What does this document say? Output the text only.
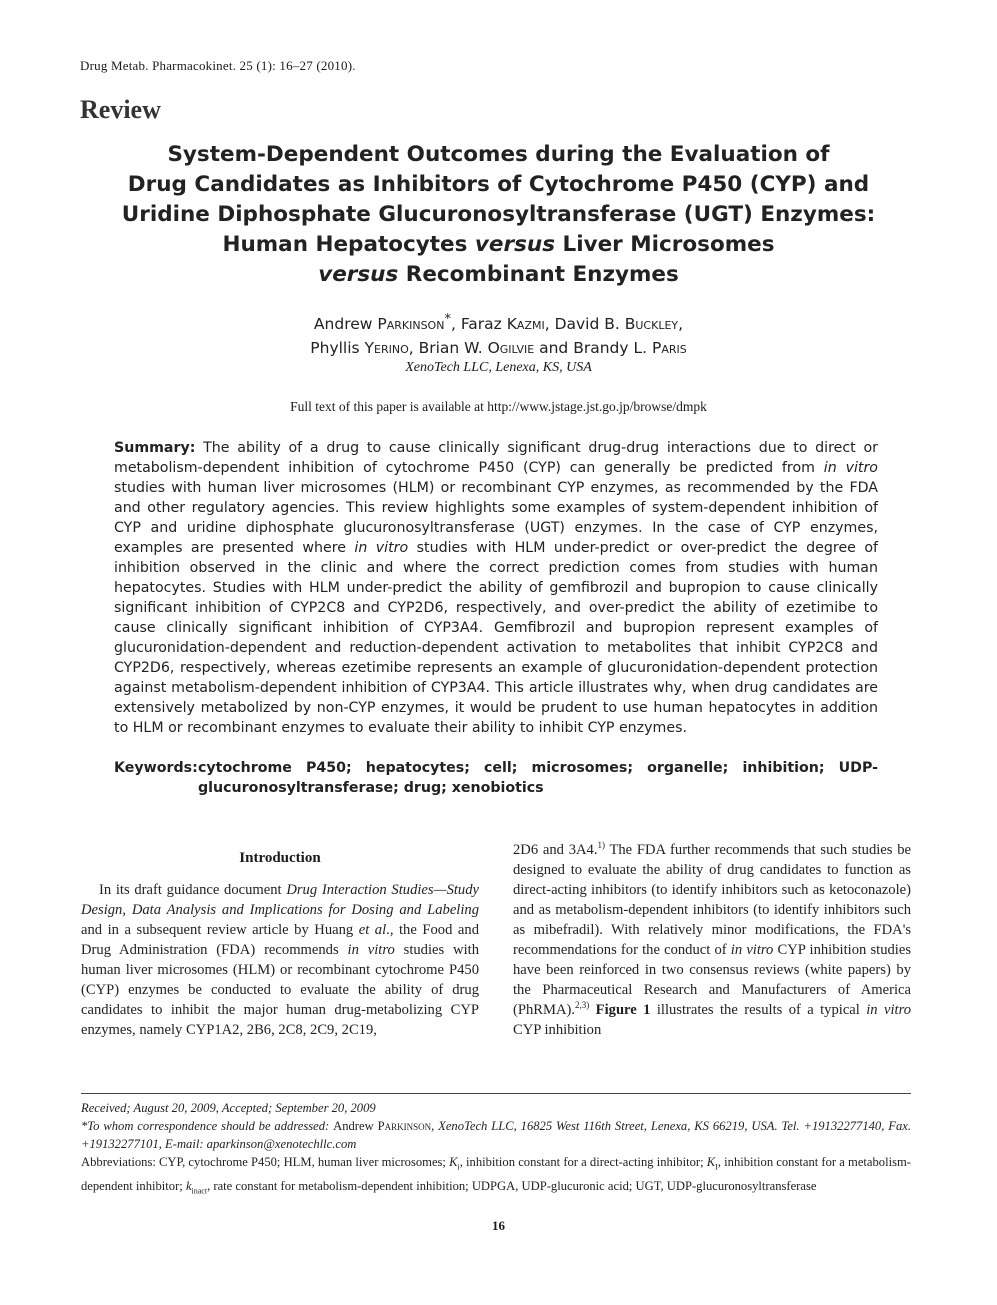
Drug Metab. Pharmacokinet. 25 (1): 16–27 (2010).
Review
System-Dependent Outcomes during the Evaluation of
Drug Candidates as Inhibitors of Cytochrome P450 (CYP) and
Uridine Diphosphate Glucuronosyltransferase (UGT) Enzymes:
Human Hepatocytes versus Liver Microsomes
versus Recombinant Enzymes
Andrew Parkinson*, Faraz Kazmi, David B. Buckley,
Phyllis Yerino, Brian W. Ogilvie and Brandy L. Paris
XenoTech LLC, Lenexa, KS, USA
Full text of this paper is available at http://www.jstage.jst.go.jp/browse/dmpk
Summary: The ability of a drug to cause clinically significant drug-drug interactions due to direct or metabolism-dependent inhibition of cytochrome P450 (CYP) can generally be predicted from in vitro studies with human liver microsomes (HLM) or recombinant CYP enzymes, as recommended by the FDA and other regulatory agencies. This review highlights some examples of system-dependent inhibition of CYP and uridine diphosphate glucuronosyltransferase (UGT) enzymes. In the case of CYP enzymes, examples are presented where in vitro studies with HLM under-predict or over-predict the degree of inhibition observed in the clinic and where the correct prediction comes from studies with human hepatocytes. Studies with HLM under-predict the ability of gemfibrozil and bupropion to cause clinically significant inhibition of CYP2C8 and CYP2D6, respectively, and over-predict the ability of ezetimibe to cause clinically significant inhibition of CYP3A4. Gemfibrozil and bupropion represent examples of glucuronidation-dependent and reduction-dependent activation to metabolites that inhibit CYP2C8 and CYP2D6, respectively, whereas ezetimibe represents an example of glucuronidation-dependent protection against metabolism-dependent inhibition of CYP3A4. This article illustrates why, when drug candidates are extensively metabolized by non-CYP enzymes, it would be prudent to use human hepatocytes in addition to HLM or recombinant enzymes to evaluate their ability to inhibit CYP enzymes.
Keywords: cytochrome P450; hepatocytes; cell; microsomes; organelle; inhibition; UDP-glucuronosyltransferase; drug; xenobiotics
Introduction
In its draft guidance document Drug Interaction Studies—Study Design, Data Analysis and Implications for Dosing and Labeling and in a subsequent review article by Huang et al., the Food and Drug Administration (FDA) recommends in vitro studies with human liver microsomes (HLM) or recombinant cytochrome P450 (CYP) enzymes be conducted to evaluate the ability of drug candidates to inhibit the major human drug-metabolizing CYP enzymes, namely CYP1A2, 2B6, 2C8, 2C9, 2C19,
2D6 and 3A4.$^{1)}$ The FDA further recommends that such studies be designed to evaluate the ability of drug candidates to function as direct-acting inhibitors (to identify inhibitors such as ketoconazole) and as metabolism-dependent inhibitors (to identify inhibitors such as mibefradil). With relatively minor modifications, the FDA's recommendations for the conduct of in vitro CYP inhibition studies have been reinforced in two consensus reviews (white papers) by the Pharmaceutical Research and Manufacturers of America (PhRMA).$^{2,3)}$ Figure 1 illustrates the results of a typical in vitro CYP inhibition
Received; August 20, 2009, Accepted; September 20, 2009
*To whom correspondence should be addressed: Andrew Parkinson, XenoTech LLC, 16825 West 116th Street, Lenexa, KS 66219, USA. Tel. +19132277140, Fax. +19132277101, E-mail: aparkinson@xenotechllc.com
Abbreviations: CYP, cytochrome P450; HLM, human liver microsomes; $K_i$, inhibition constant for a direct-acting inhibitor; $K_I$, inhibition constant for a metabolism-dependent inhibitor; $k_{inact}$, rate constant for metabolism-dependent inhibition; UDPGA, UDP-glucuronic acid; UGT, UDP-glucuronosyltransferase
16
